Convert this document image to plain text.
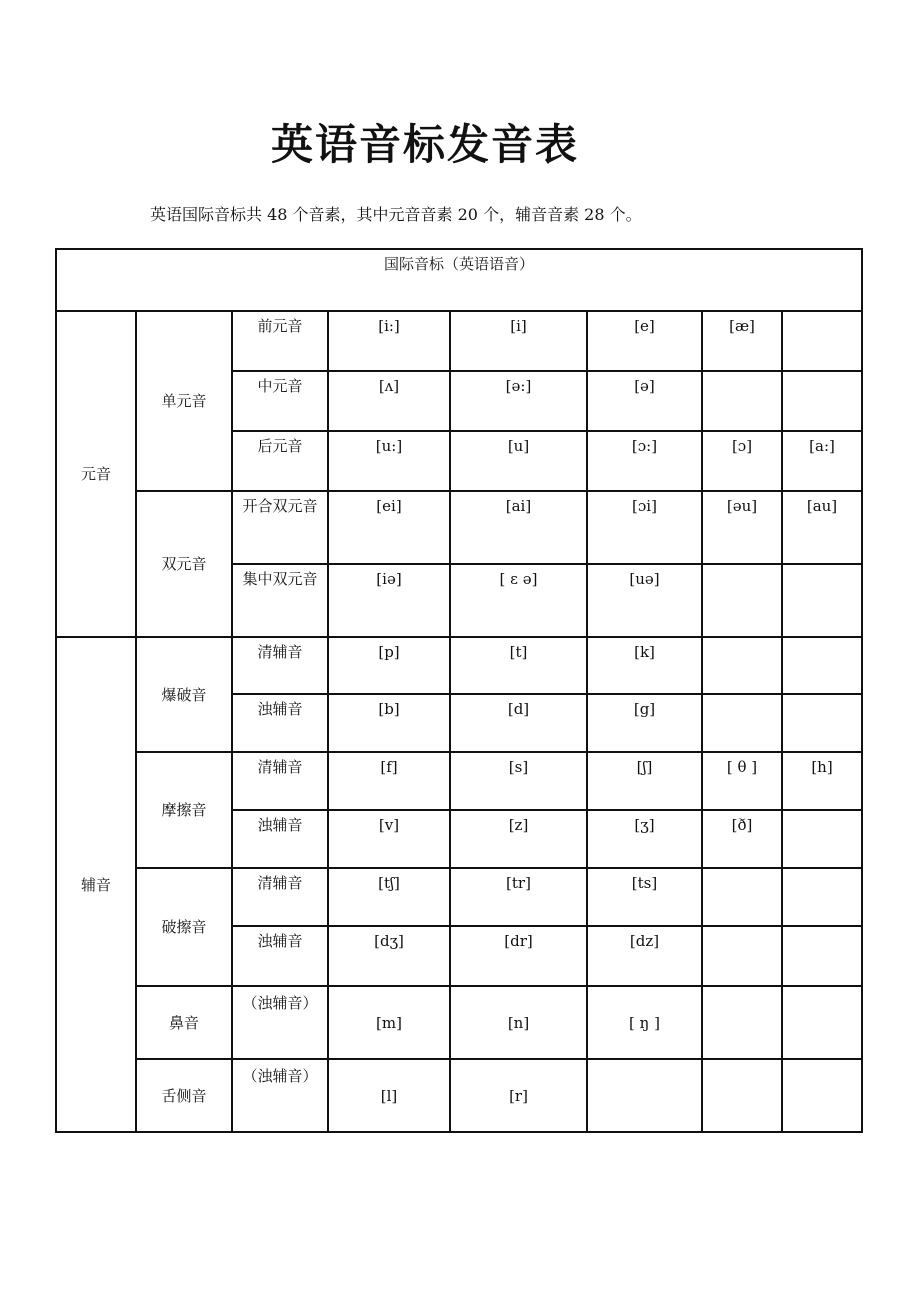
英语音标发音表
英语国际音标共 48 个音素，其中元音音素 20 个，辅音音素 28 个。
国际音标（英语语音）							
元音	单元音	前元音	[i:]	[i]	[e]	[æ]	
		中元音	[ʌ]	[ə:]	[ə]		
		后元音	[u:]	[u]	[ɔ:]	[ɔ]	[a:]
	双元音	开合双元音	[ei]	[ai]	[ɔi]	[əu]	[au]
		集中双元音	[iə]	[ ɛ ə]	[uə]		
辅音	爆破音	清辅音	[p]	[t]	[k]		
		浊辅音	[b]	[d]	[g]		
	摩擦音	清辅音	[f]	[s]	[ʃ]	[ θ ]	[h]
		浊辅音	[v]	[z]	[ʒ]	[ð]	
	破擦音	清辅音	[tʃ]	[tr]	[ts]		
		浊辅音	[dʒ]	[dr]	[dz]		
	鼻音	（浊辅音）	[m]	[n]	[ ŋ ]		
	舌侧音	（浊辅音）	[l]	[r]			
